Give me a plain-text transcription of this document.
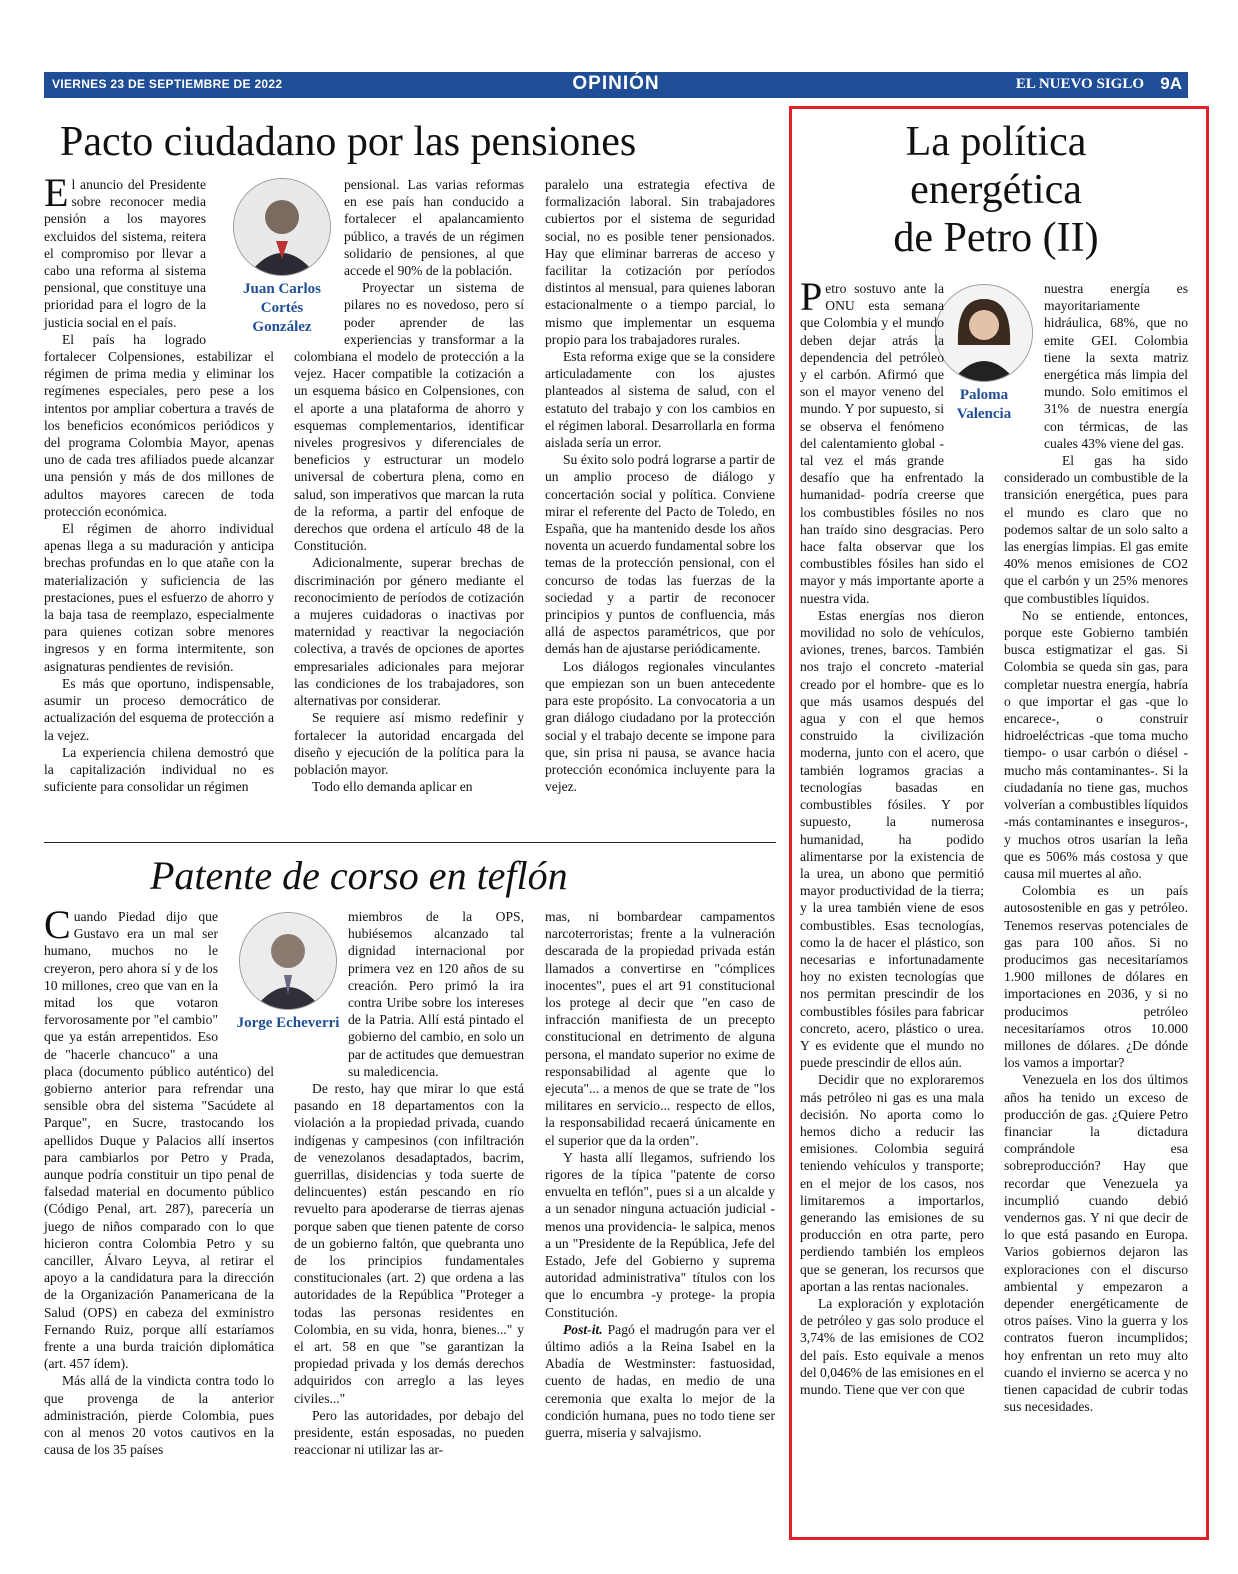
VIERNES 23 DE SEPTIEMBRE DE 2022	OPINIÓN	EL NUEVO SIGLO 9A
Pacto ciudadano por las pensiones
Juan Carlos Cortés González

El anuncio del Presidente sobre reconocer media pensión a los mayores excluidos del sistema, reitera el compromiso por llevar a cabo una reforma al sistema pensional, que constituye una prioridad para el logro de la justicia social en el país.

El país ha logrado fortalecer Colpensiones, estabilizar el régimen de prima media y eliminar los regímenes especiales, pero pese a los intentos por ampliar cobertura a través de los beneficios económicos periódicos y del programa Colombia Mayor, apenas uno de cada tres afiliados puede alcanzar una pensión y más de dos millones de adultos mayores carecen de toda protección económica.

El régimen de ahorro individual apenas llega a su maduración y anticipa brechas profundas en lo que atañe con la materialización y suficiencia de las prestaciones, pues el esfuerzo de ahorro y la baja tasa de reemplazo, especialmente para quienes cotizan sobre menores ingresos y en forma intermitente, son asignaturas pendientes de revisión.

Es más que oportuno, indispensable, asumir un proceso democrático de actualización del esquema de protección a la vejez.

La experiencia chilena demostró que la capitalización individual no es suficiente para consolidar un régimen

pensional. Las varias reformas en ese país han conducido a fortalecer el apalancamiento público, a través de un régimen solidario de pensiones, al que accede el 90% de la población.

Proyectar un sistema de pilares no es novedoso, pero sí poder aprender de las experiencias y transformar a la colombiana el modelo de protección a la vejez. Hacer compatible la cotización a un esquema básico en Colpensiones, con el aporte a una plataforma de ahorro y esquemas complementarios, identificar niveles progresivos y diferenciales de beneficios y estructurar un modelo universal de cobertura plena, como en salud, son imperativos que marcan la ruta de la reforma, a partir del enfoque de derechos que ordena el artículo 48 de la Constitución.

Adicionalmente, superar brechas de discriminación por género mediante el reconocimiento de períodos de cotización a mujeres cuidadoras o inactivas por maternidad y reactivar la negociación colectiva, a través de opciones de aportes empresariales adicionales para mejorar las condiciones de los trabajadores, son alternativas por considerar.

Se requiere así mismo redefinir y fortalecer la autoridad encargada del diseño y ejecución de la política para la población mayor.

Todo ello demanda aplicar en

paralelo una estrategia efectiva de formalización laboral. Sin trabajadores cubiertos por el sistema de seguridad social, no es posible tener pensionados. Hay que eliminar barreras de acceso y facilitar la cotización por períodos distintos al mensual, para quienes laboran estacionalmente o a tiempo parcial, lo mismo que implementar un esquema propio para los trabajadores rurales.

Esta reforma exige que se la considere articuladamente con los ajustes planteados al sistema de salud, con el estatuto del trabajo y con los cambios en el régimen laboral. Desarrollarla en forma aislada sería un error.

Su éxito solo podrá lograrse a partir de un amplio proceso de diálogo y concertación social y política. Conviene mirar el referente del Pacto de Toledo, en España, que ha mantenido desde los años noventa un acuerdo fundamental sobre los temas de la protección pensional, con el concurso de todas las fuerzas de la sociedad y a partir de reconocer principios y puntos de confluencia, más allá de aspectos paramétricos, que por demás han de ajustarse periódicamente.

Los diálogos regionales vinculantes que empiezan son un buen antecedente para este propósito. La convocatoria a un gran diálogo ciudadano por la protección social y el trabajo decente se impone para que, sin prisa ni pausa, se avance hacia protección económica incluyente para la vejez.

Patente de corso en teflón
Jorge Echeverri

Cuando Piedad dijo que Gustavo era un mal ser humano, muchos no le creyeron, pero ahora sí y de los 10 millones, creo que van en la mitad los que votaron fervorosamente por "el cambio" que ya están arrepentidos. Eso de "hacerle chancuco" a una placa (documento público auténtico) del gobierno anterior para refrendar una sensible obra del sistema "Sacúdete al Parque", en Sucre, trastocando los apellidos Duque y Palacios allí insertos para cambiarlos por Petro y Prada, aunque podría constituir un tipo penal de falsedad material en documento público (Código Penal, art. 287), parecería un juego de niños comparado con lo que hicieron contra Colombia Petro y su canciller, Álvaro Leyva, al retirar el apoyo a la candidatura para la dirección de la Organización Panamericana de la Salud (OPS) en cabeza del exministro Fernando Ruiz, porque allí estaríamos frente a una burda traición diplomática (art. 457 ídem).

Más allá de la vindicta contra todo lo que provenga de la anterior administración, pierde Colombia, pues con al menos 20 votos cautivos en la causa de los 35 países

miembros de la OPS, hubiésemos alcanzado tal dignidad internacional por primera vez en 120 años de su creación. Pero primó la ira contra Uribe sobre los intereses de la Patria. Allí está pintado el gobierno del cambio, en solo un par de actitudes que demuestran su maledicencia.

De resto, hay que mirar lo que está pasando en 18 departamentos con la violación a la propiedad privada, cuando indígenas y campesinos (con infiltración de venezolanos desadaptados, bacrim, guerrillas, disidencias y toda suerte de delincuentes) están pescando en río revuelto para apoderarse de tierras ajenas porque saben que tienen patente de corso de un gobierno faltón, que quebranta uno de los principios fundamentales constitucionales (art. 2) que ordena a las autoridades de la República "Proteger a todas las personas residentes en Colombia, en su vida, honra, bienes..." y el art. 58 en que "se garantizan la propiedad privada y los demás derechos adquiridos con arreglo a las leyes civiles..."

Pero las autoridades, por debajo del presidente, están esposadas, no pueden reaccionar ni utilizar las ar-

mas, ni bombardear campamentos narcoterroristas; frente a la vulneración descarada de la propiedad privada están llamados a convertirse en "cómplices inocentes", pues el art 91 constitucional los protege al decir que "en caso de infracción manifiesta de un precepto constitucional en detrimento de alguna persona, el mandato superior no exime de responsabilidad al agente que lo ejecuta"... a menos de que se trate de "los militares en servicio... respecto de ellos, la responsabilidad recaerá únicamente en el superior que da la orden".

Y hasta allí llegamos, sufriendo los rigores de la típica "patente de corso envuelta en teflón", pues si a un alcalde y a un senador ninguna actuación judicial -menos una providencia- le salpica, menos a un "Presidente de la República, Jefe del Estado, Jefe del Gobierno y suprema autoridad administrativa" títulos con los que lo encumbra -y protege- la propia Constitución.

Post-it. Pagó el madrugón para ver el último adiós a la Reina Isabel en la Abadía de Westminster: fastuosidad, cuento de hadas, en medio de una ceremonia que exalta lo mejor de la condición humana, pues no todo tiene ser guerra, miseria y salvajismo.

La política
energética
de Petro (II)
Paloma Valencia

Petro sostuvo ante la ONU esta semana que Colombia y el mundo deben dejar atrás la dependencia del petróleo y el carbón. Afirmó que son el mayor veneno del mundo. Y por supuesto, si se observa el fenómeno del calentamiento global -tal vez el más grande desafío que ha enfrentado la humanidad- podría creerse que los combustibles fósiles no nos han traído sino desgracias. Pero hace falta observar que los combustibles fósiles han sido el mayor y más importante aporte a nuestra vida.

Estas energías nos dieron movilidad no solo de vehículos, aviones, trenes, barcos. También nos trajo el concreto -material creado por el hombre- que es lo que más usamos después del agua y con el que hemos construido la civilización moderna, junto con el acero, que también logramos gracias a tecnologías basadas en combustibles fósiles. Y por supuesto, la numerosa humanidad, ha podido alimentarse por la existencia de la urea, un abono que permitió mayor productividad de la tierra; y la urea también viene de esos combustibles. Esas tecnologías, como la de hacer el plástico, son necesarias e infortunadamente hoy no existen tecnologías que nos permitan prescindir de los combustibles fósiles para fabricar concreto, acero, plástico o urea. Y es evidente que el mundo no puede prescindir de ellos aún.

Decidir que no exploraremos más petróleo ni gas es una mala decisión. No aporta como lo hemos dicho a reducir las emisiones. Colombia seguirá teniendo vehículos y transporte; en el mejor de los casos, nos limitaremos a importarlos, generando las emisiones de su producción en otra parte, pero perdiendo también los empleos que se generan, los recursos que aportan a las rentas nacionales.

La exploración y explotación de petróleo y gas solo produce el 3,74% de las emisiones de CO2 del país. Esto equivale a menos del 0,046% de las emisiones en el mundo. Tiene que ver con que

nuestra energía es mayoritariamente hidráulica, 68%, que no emite GEI. Colombia tiene la sexta matriz energética más limpia del mundo. Solo emitimos el 31% de nuestra energía con térmicas, de las cuales 43% viene del gas.

El gas ha sido considerado un combustible de la transición energética, pues para el mundo es claro que no podemos saltar de un solo salto a las energías limpias. El gas emite 40% menos emisiones de CO2 que el carbón y un 25% menores que combustibles líquidos.

No se entiende, entonces, porque este Gobierno también busca estigmatizar el gas. Si Colombia se queda sin gas, para completar nuestra energía, habría o que importar el gas -que lo encarece-, o construir hidroeléctricas -que toma mucho tiempo- o usar carbón o diésel -mucho más contaminantes-. Si la ciudadanía no tiene gas, muchos volverían a combustibles líquidos -más contaminantes e inseguros-, y muchos otros usarían la leña que es 506% más costosa y que causa mil muertes al año.

Colombia es un país autosostenible en gas y petróleo. Tenemos reservas potenciales de gas para 100 años. Si no producimos gas necesitaríamos 1.900 millones de dólares en importaciones en 2036, y si no producimos petróleo necesitaríamos otros 10.000 millones de dólares. ¿De dónde los vamos a importar?

Venezuela en los dos últimos años ha tenido un exceso de producción de gas. ¿Quiere Petro financiar la dictadura comprándole esa sobreproducción? Hay que recordar que Venezuela ya incumplió cuando debió vendernos gas. Y ni que decir de lo que está pasando en Europa. Varios gobiernos dejaron las exploraciones con el discurso ambiental y empezaron a depender energéticamente de otros países. Vino la guerra y los contratos fueron incumplidos; hoy enfrentan un reto muy alto cuando el invierno se acerca y no tienen capacidad de cubrir todas sus necesidades.
